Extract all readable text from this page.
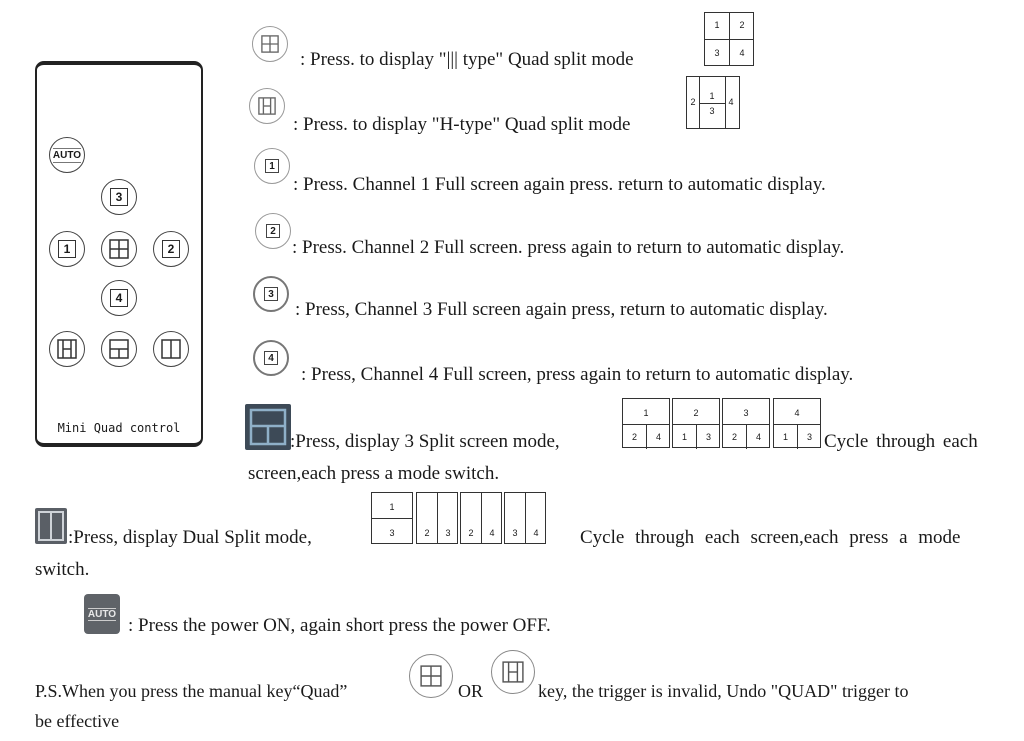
AUTO
3
1	2
4
Mini Quad control
: Press. to display "||| type" Quad split mode
1	2
3	4
: Press. to display "H-type" Quad split mode
2
1
3
4
1
: Press. Channel 1 Full screen again press. return to automatic display.
2
: Press. Channel 2 Full screen. press again to return to automatic display.
3
: Press, Channel 3 Full screen again press, return to automatic display.
4
: Press, Channel 4 Full screen, press again to return to automatic display.
:Press, display 3 Split screen mode,
1
2	4
2
1	3
3
2	4
4
1	3 Cycle through each
screen,each press a mode switch.
:Press, display Dual Split mode,
1
3	2	3	2	4	3	4	Cycle through each screen,each press a mode
switch.
AUTO
: Press the power ON, again short press the power OFF.
P.S.When you press the manual key“Quad”	OR	key, the trigger is invalid, Undo "QUAD" trigger to
be effective
